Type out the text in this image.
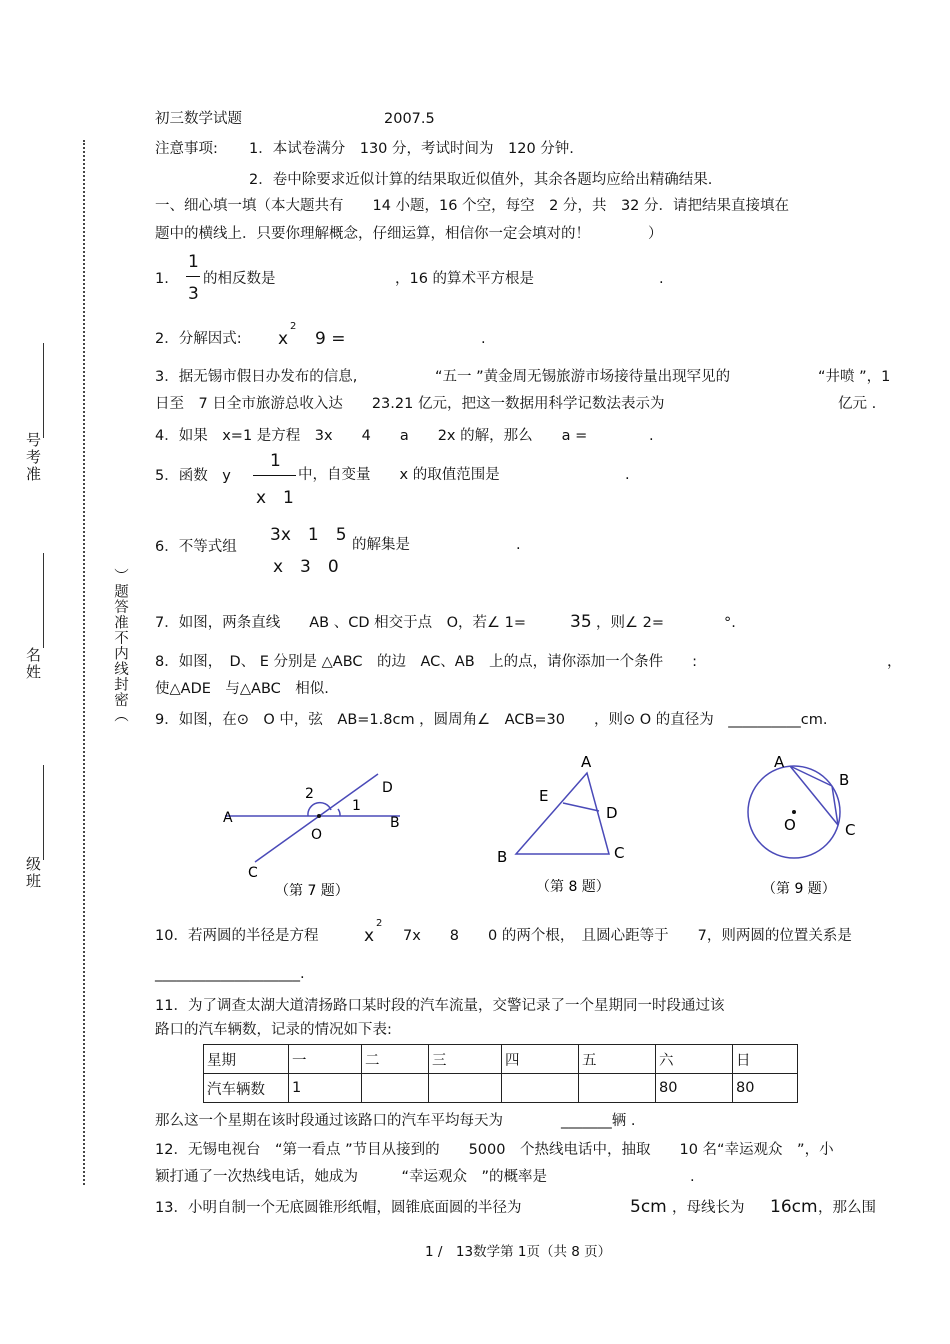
号考准
名姓
级班
）题答准不内线封密（
初三数学试题	2007.5
注意事项: 1．本试卷满分　130 分，考试时间为　120 分钟.
2．卷中除要求近似计算的结果取近似值外，其余各题均应给出精确结果.
一、细心填一填（本大题共有　　14 小题，16 个空，每空　2 分，共　32 分．请把结果直接填在
题中的横线上．只要你理解概念，仔细运算，相信你一定会填对的！　　　　）
1.
1
3
的相反数是	，16 的算术平方根是	.
2．分解因式: x
2
9 =	.
3．据无锡市假日办发布的信息,	“五一 ”黄金周无锡旅游市场接待量出现罕见的	“井喷 ”，1
日至　7 日全市旅游总收入达　　23.21 亿元，把这一数据用科学记数法表示为	亿元 .
4．如果　x=1 是方程　3x　　4　　a　　2x 的解，那么　　a =	.
5．函数　y
1
x　1
中，自变量　　x 的取值范围是	.
6．不等式组
3x　1　5
x　3　0
的解集是	.
7．如图，两条直线　　AB 、CD 相交于点　O，若∠ 1=	35 ，则∠ 2=	°.
8．如图，　D、 E 分别是 △ABC　的边　AC、AB　上的点，请你添加一个条件　　:	，
使△ADE　与△ABC　相似.
9．如图，在⊙　O 中，弦　AB=1.8cm ，圆周角∠　ACB=30　　，则⊙ O 的直径为　__________cm.
A	B
C
D
O
1
2
（第 7 题）
A
B	C
D
E
（第 8 题）
A
B
C
O
（第 9 题）
10．若两圆的半径是方程	x
2
7x　　8　　0 的两个根，　且圆心距等于　　7，则两圆的位置关系是
____________________.
11．为了调查太湖大道清扬路口某时段的汽车流量，交警记录了一个星期同一时段通过该
路口的汽车辆数，记录的情况如下表:
星期	一	二	三	四	五	六	日
汽车辆数	1					80	80
那么这一个星期在该时段通过该路口的汽车平均每天为　　　　_______辆 .
12．无锡电视台　“第一看点 ”节目从接到的　　5000　个热线电话中，抽取　　10 名“幸运观众　”，小
颖打通了一次热线电话，她成为　　　“幸运观众　”的概率是	.
13．小明自制一个无底圆锥形纸帽，圆锥底面圆的半径为	5cm ，母线长为 16cm ，那么围
1 /　13数学第 1页（共 8 页）
